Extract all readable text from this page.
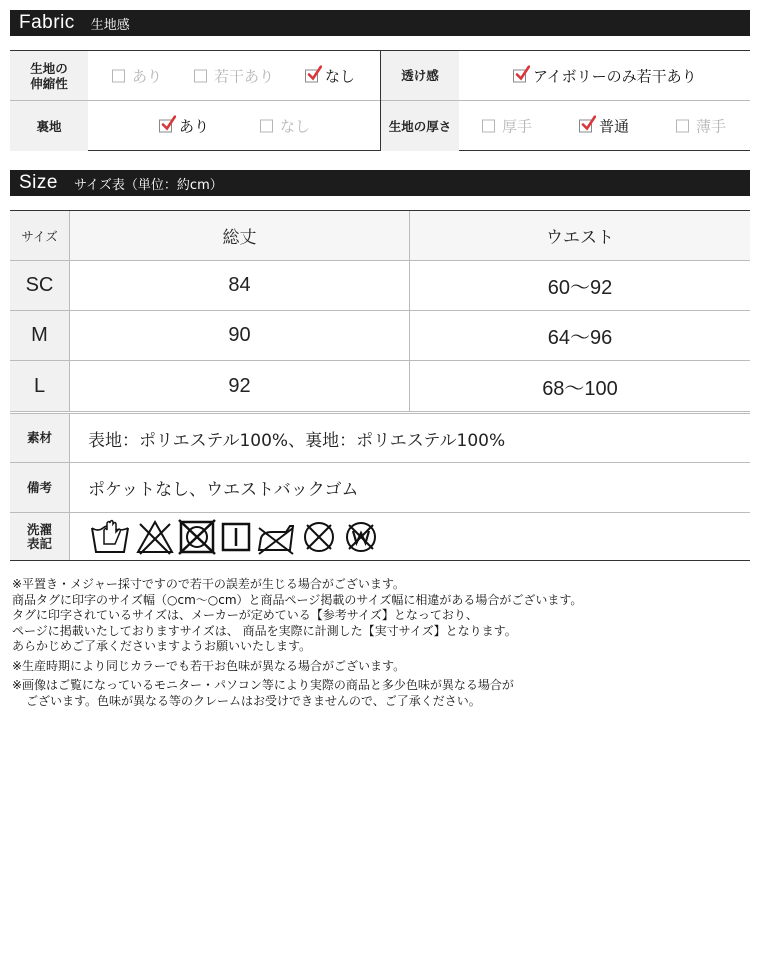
Fabric 生地感
生地の
伸縮性	あり	若干あり	なし	透け感	アイボリーのみ若干あり
裏地	あり	なし	生地の厚さ	厚手	普通	薄手
Size サイズ表（単位：約cm）
サイズ	総丈	ウエスト
SC	84	60〜92
M	90	64〜96
L	92	68〜100
素材	表地：ポリエステル100%、裏地：ポリエステル100%
備考	ポケットなし、ウエストバックゴム
洗濯
表記

※平置き・メジャー採寸ですので若干の誤差が生じる場合がございます。

商品タグに印字のサイズ幅（○cm〜○cm）と商品ページ掲載のサイズ幅に相違がある場合がございます。

タグに印字されているサイズは、メーカーが定めている【参考サイズ】となっており、

ページに掲載いたしておりますサイズは、 商品を実際に計測した【実寸サイズ】となります。

あらかじめご了承くださいますようお願いいたします。

※生産時期により同じカラーでも若干お色味が異なる場合がございます。

※画像はご覧になっているモニター・パソコン等により実際の商品と多少色味が異なる場合が

ございます。色味が異なる等のクレームはお受けできませんので、ご了承ください。
